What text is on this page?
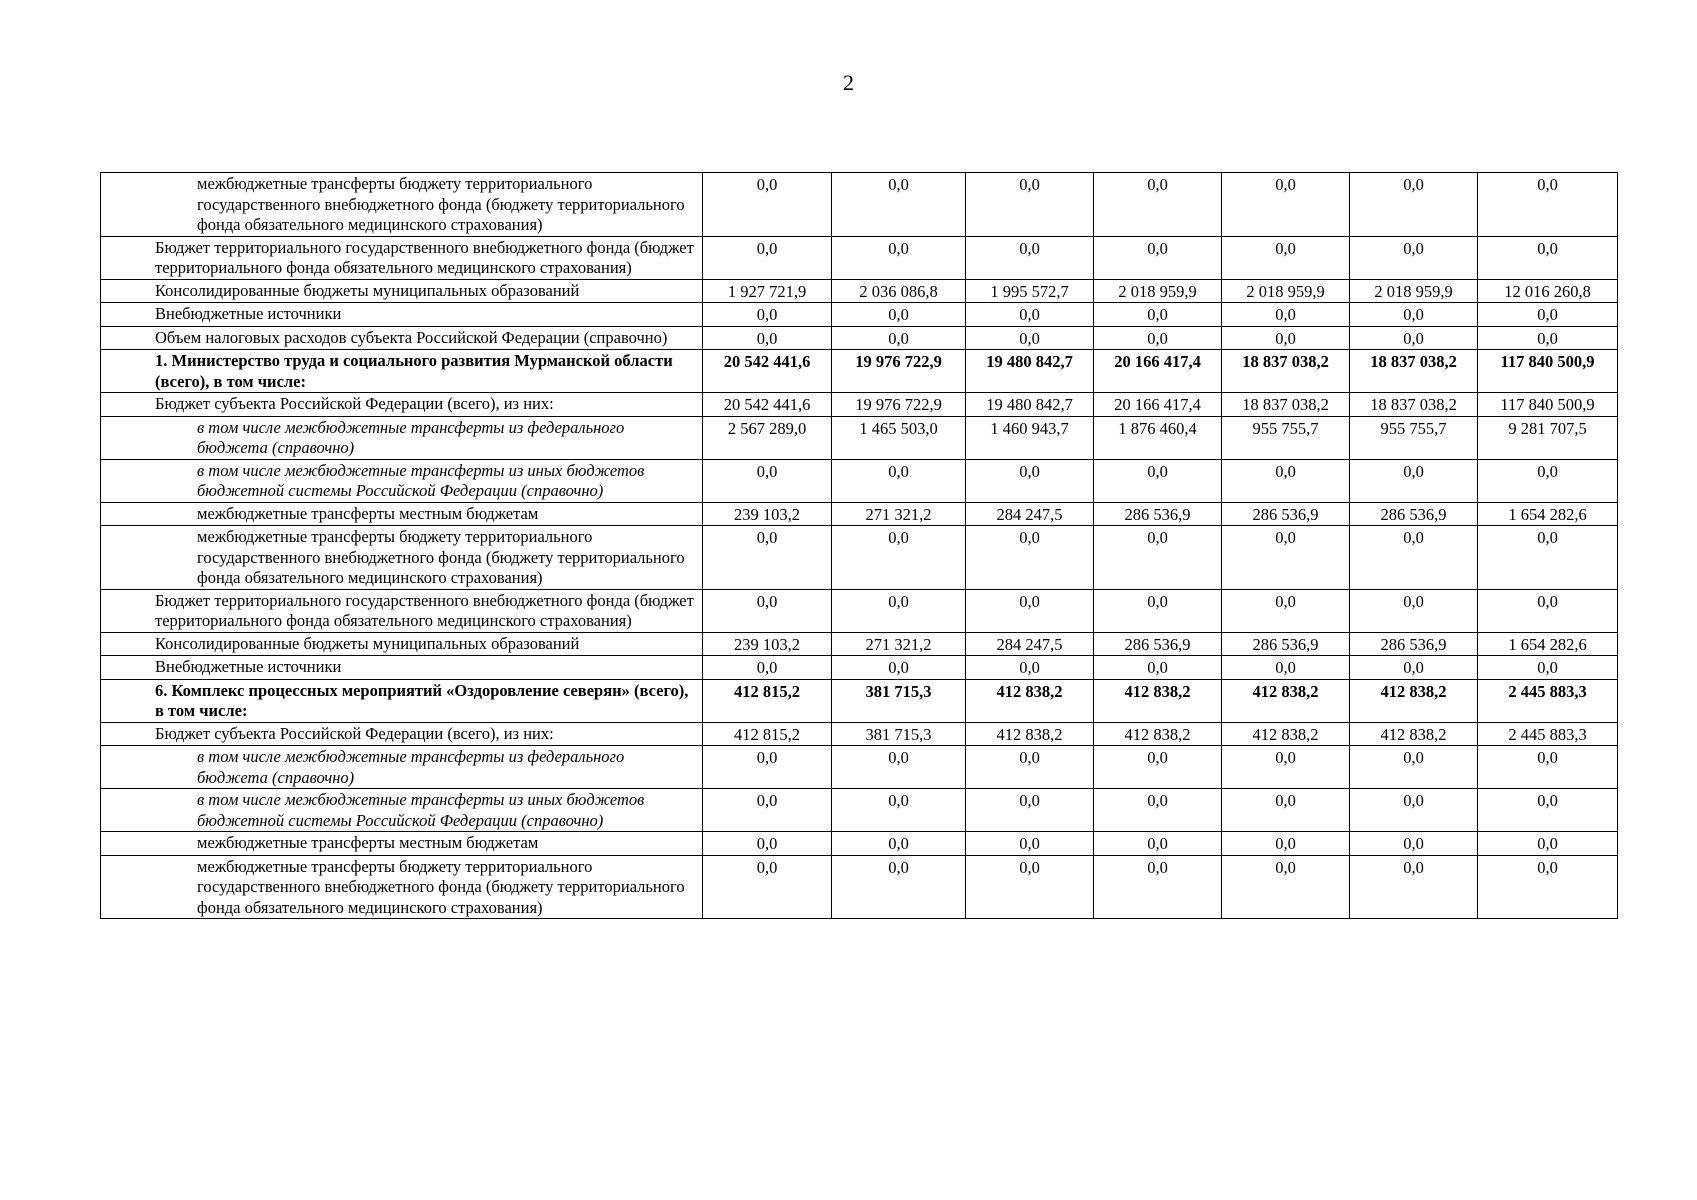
2
межбюджетные трансферты бюджету территориального государственного внебюджетного фонда (бюджету территориального фонда обязательного медицинского страхования)	0,0	0,0	0,0	0,0	0,0	0,0	0,0
Бюджет территориального государственного внебюджетного фонда (бюджет территориального фонда обязательного медицинского страхования)	0,0	0,0	0,0	0,0	0,0	0,0	0,0
Консолидированные бюджеты муниципальных образований	1 927 721,9	2 036 086,8	1 995 572,7	2 018 959,9	2 018 959,9	2 018 959,9	12 016 260,8
Внебюджетные источники	0,0	0,0	0,0	0,0	0,0	0,0	0,0
Объем налоговых расходов субъекта Российской Федерации (справочно)	0,0	0,0	0,0	0,0	0,0	0,0	0,0
1. Министерство труда и социального развития Мурманской области (всего), в том числе:	20 542 441,6	19 976 722,9	19 480 842,7	20 166 417,4	18 837 038,2	18 837 038,2	117 840 500,9
Бюджет субъекта Российской Федерации (всего), из них:	20 542 441,6	19 976 722,9	19 480 842,7	20 166 417,4	18 837 038,2	18 837 038,2	117 840 500,9
в том числе межбюджетные трансферты из федерального бюджета (справочно)	2 567 289,0	1 465 503,0	1 460 943,7	1 876 460,4	955 755,7	955 755,7	9 281 707,5
в том числе межбюджетные трансферты из иных бюджетов бюджетной системы Российской Федерации (справочно)	0,0	0,0	0,0	0,0	0,0	0,0	0,0
межбюджетные трансферты местным бюджетам	239 103,2	271 321,2	284 247,5	286 536,9	286 536,9	286 536,9	1 654 282,6
межбюджетные трансферты бюджету территориального государственного внебюджетного фонда (бюджету территориального фонда обязательного медицинского страхования)	0,0	0,0	0,0	0,0	0,0	0,0	0,0
Бюджет территориального государственного внебюджетного фонда (бюджет территориального фонда обязательного медицинского страхования)	0,0	0,0	0,0	0,0	0,0	0,0	0,0
Консолидированные бюджеты муниципальных образований	239 103,2	271 321,2	284 247,5	286 536,9	286 536,9	286 536,9	1 654 282,6
Внебюджетные источники	0,0	0,0	0,0	0,0	0,0	0,0	0,0
6. Комплекс процессных мероприятий «Оздоровление северян» (всего), в том числе:	412 815,2	381 715,3	412 838,2	412 838,2	412 838,2	412 838,2	2 445 883,3
Бюджет субъекта Российской Федерации (всего), из них:	412 815,2	381 715,3	412 838,2	412 838,2	412 838,2	412 838,2	2 445 883,3
в том числе межбюджетные трансферты из федерального бюджета (справочно)	0,0	0,0	0,0	0,0	0,0	0,0	0,0
в том числе межбюджетные трансферты из иных бюджетов бюджетной системы Российской Федерации (справочно)	0,0	0,0	0,0	0,0	0,0	0,0	0,0
межбюджетные трансферты местным бюджетам	0,0	0,0	0,0	0,0	0,0	0,0	0,0
межбюджетные трансферты бюджету территориального государственного внебюджетного фонда (бюджету территориального фонда обязательного медицинского страхования)	0,0	0,0	0,0	0,0	0,0	0,0	0,0
